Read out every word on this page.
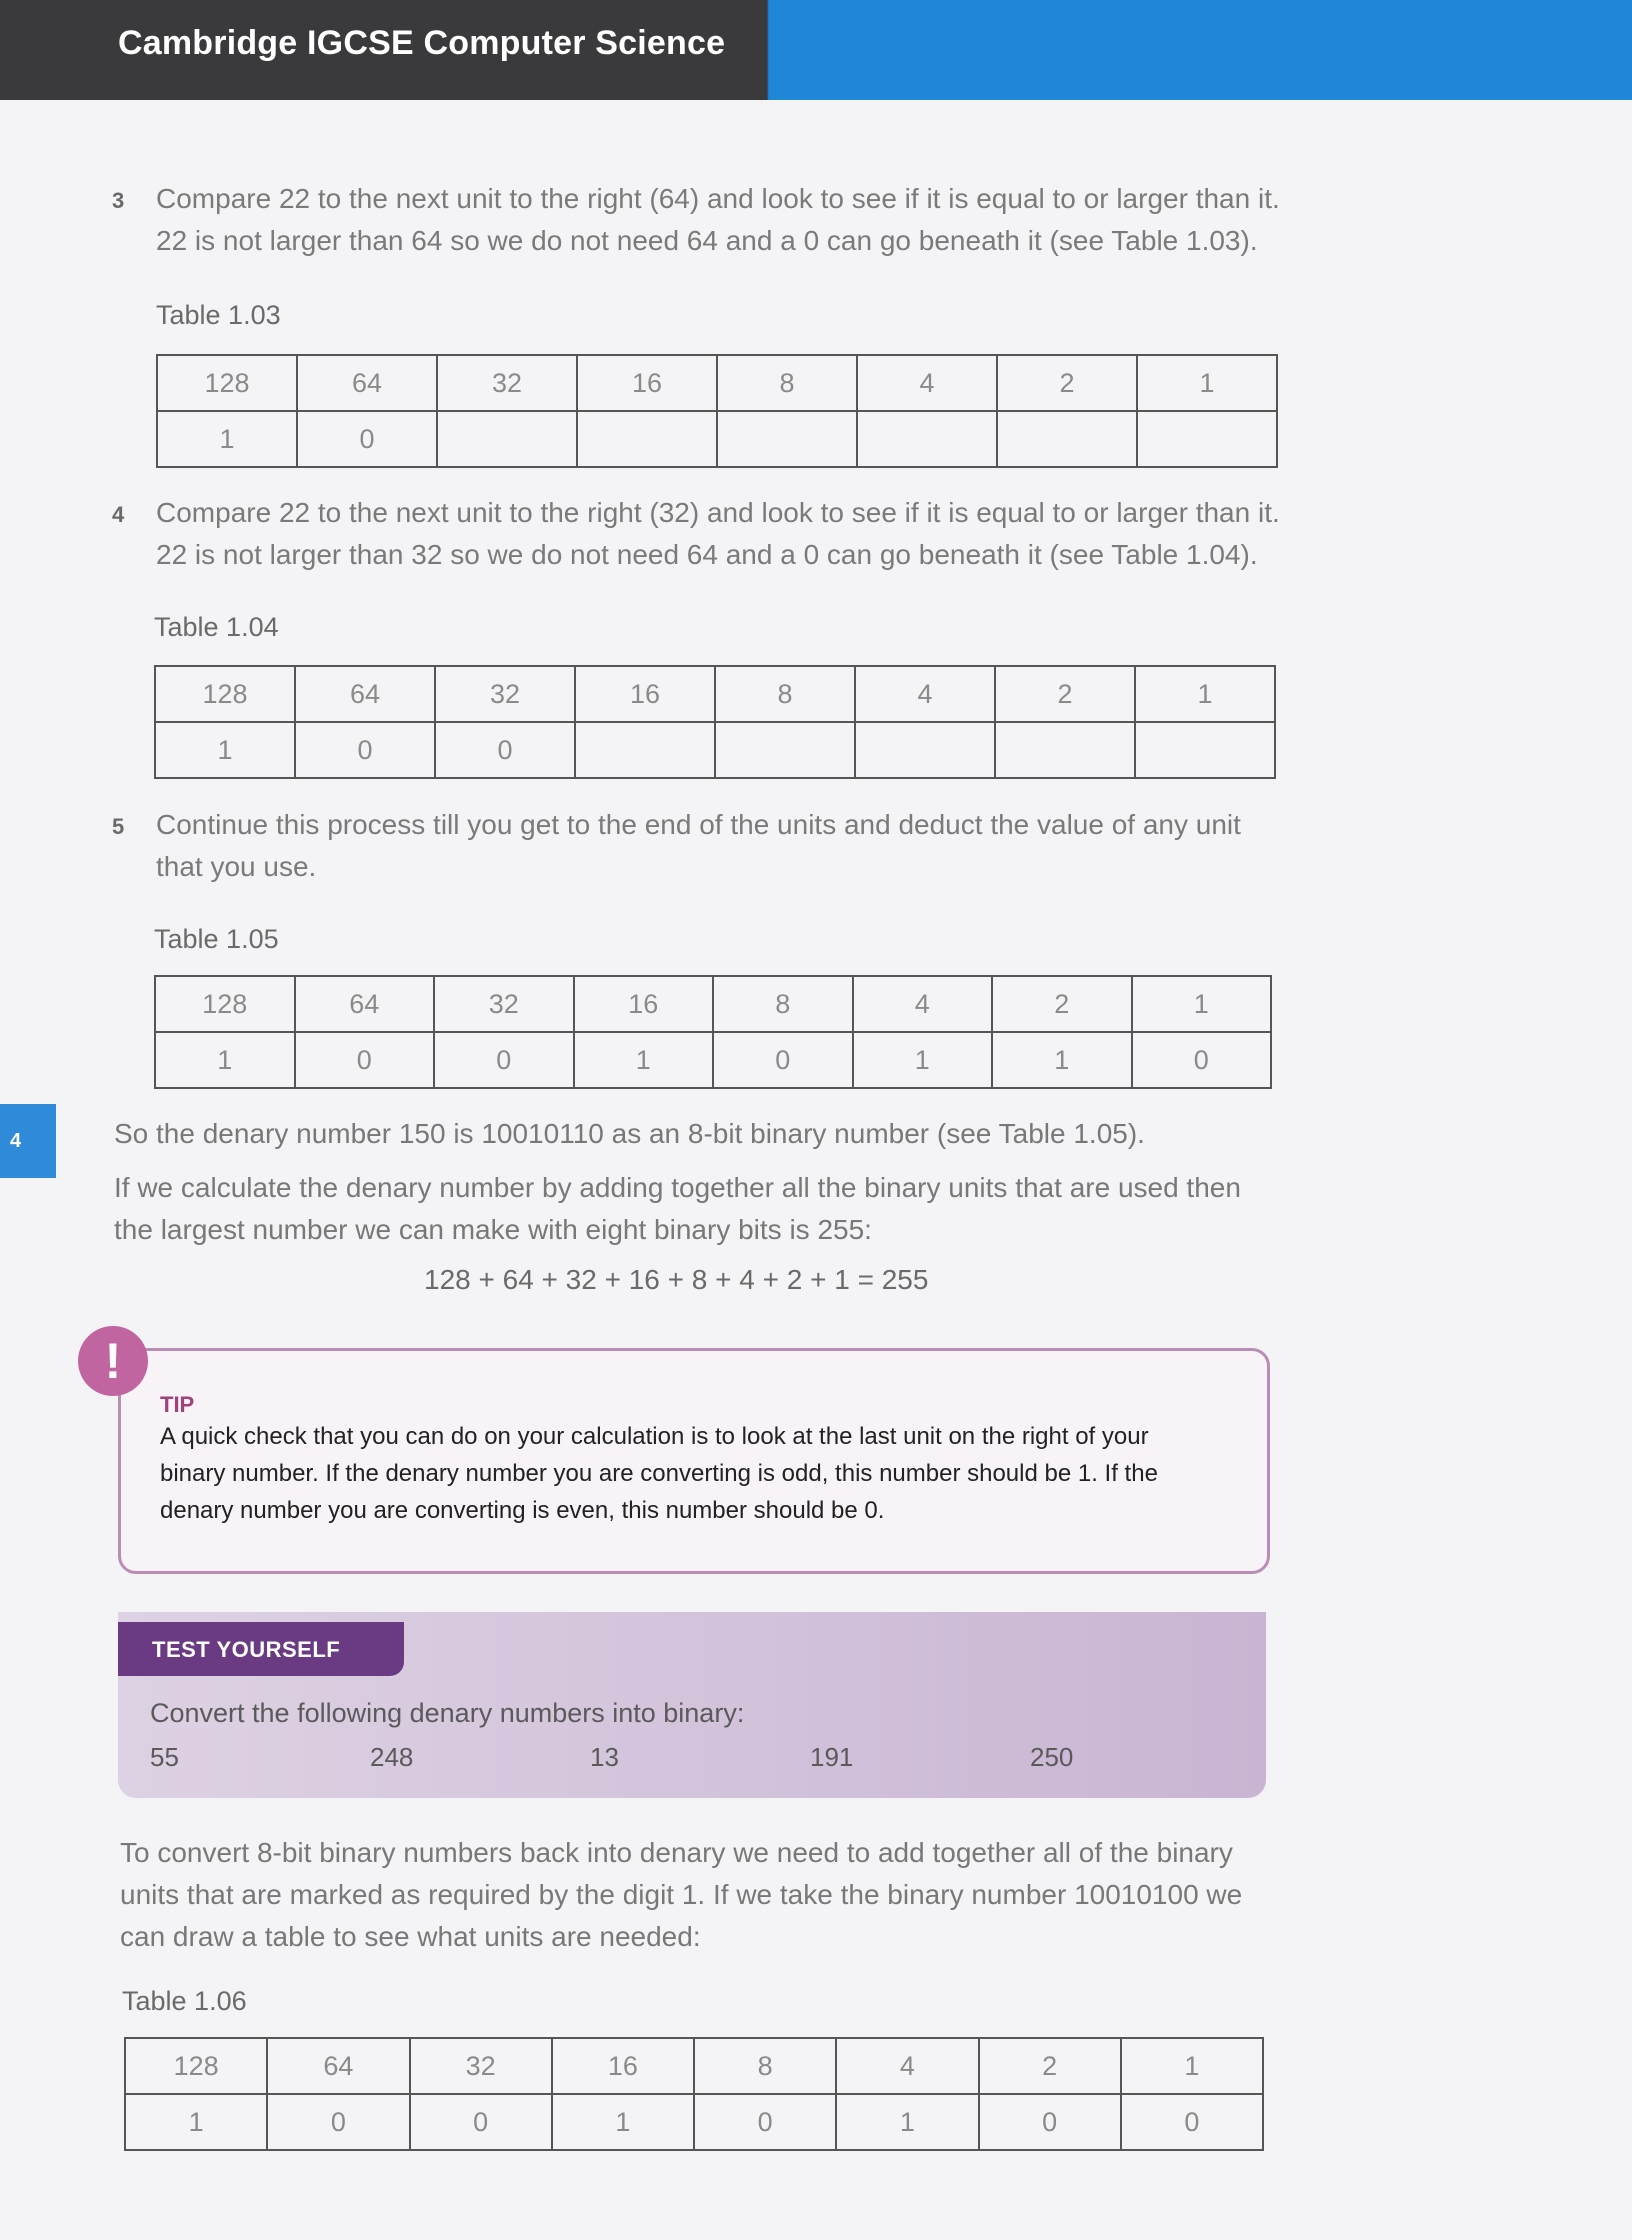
Cambridge IGCSE Computer Science
3 Compare 22 to the next unit to the right (64) and look to see if it is equal to or larger than it. 22 is not larger than 64 so we do not need 64 and a 0 can go beneath it (see Table 1.03).
Table 1.03
128	64	32	16	8	4	2	1
1	0						
4 Compare 22 to the next unit to the right (32) and look to see if it is equal to or larger than it. 22 is not larger than 32 so we do not need 64 and a 0 can go beneath it (see Table 1.04).
Table 1.04
128	64	32	16	8	4	2	1
1	0	0					
5 Continue this process till you get to the end of the units and deduct the value of any unit that you use.
Table 1.05
128	64	32	16	8	4	2	1
1	0	0	1	0	1	1	0
4	So the denary number 150 is 10010110 as an 8-bit binary number (see Table 1.05).
If we calculate the denary number by adding together all the binary units that are used then the largest number we can make with eight binary bits is 255:
128 + 64 + 32 + 16 + 8 + 4 + 2 + 1 = 255
!
TIP
A quick check that you can do on your calculation is to look at the last unit on the right of your binary number. If the denary number you are converting is odd, this number should be 1. If the denary number you are converting is even, this number should be 0.
TEST YOURSELF
Convert the following denary numbers into binary:
55	248	13	191	250
To convert 8-bit binary numbers back into denary we need to add together all of the binary units that are marked as required by the digit 1. If we take the binary number 10010100 we can draw a table to see what units are needed:
Table 1.06
128	64	32	16	8	4	2	1
1	0	0	1	0	1	0	0
